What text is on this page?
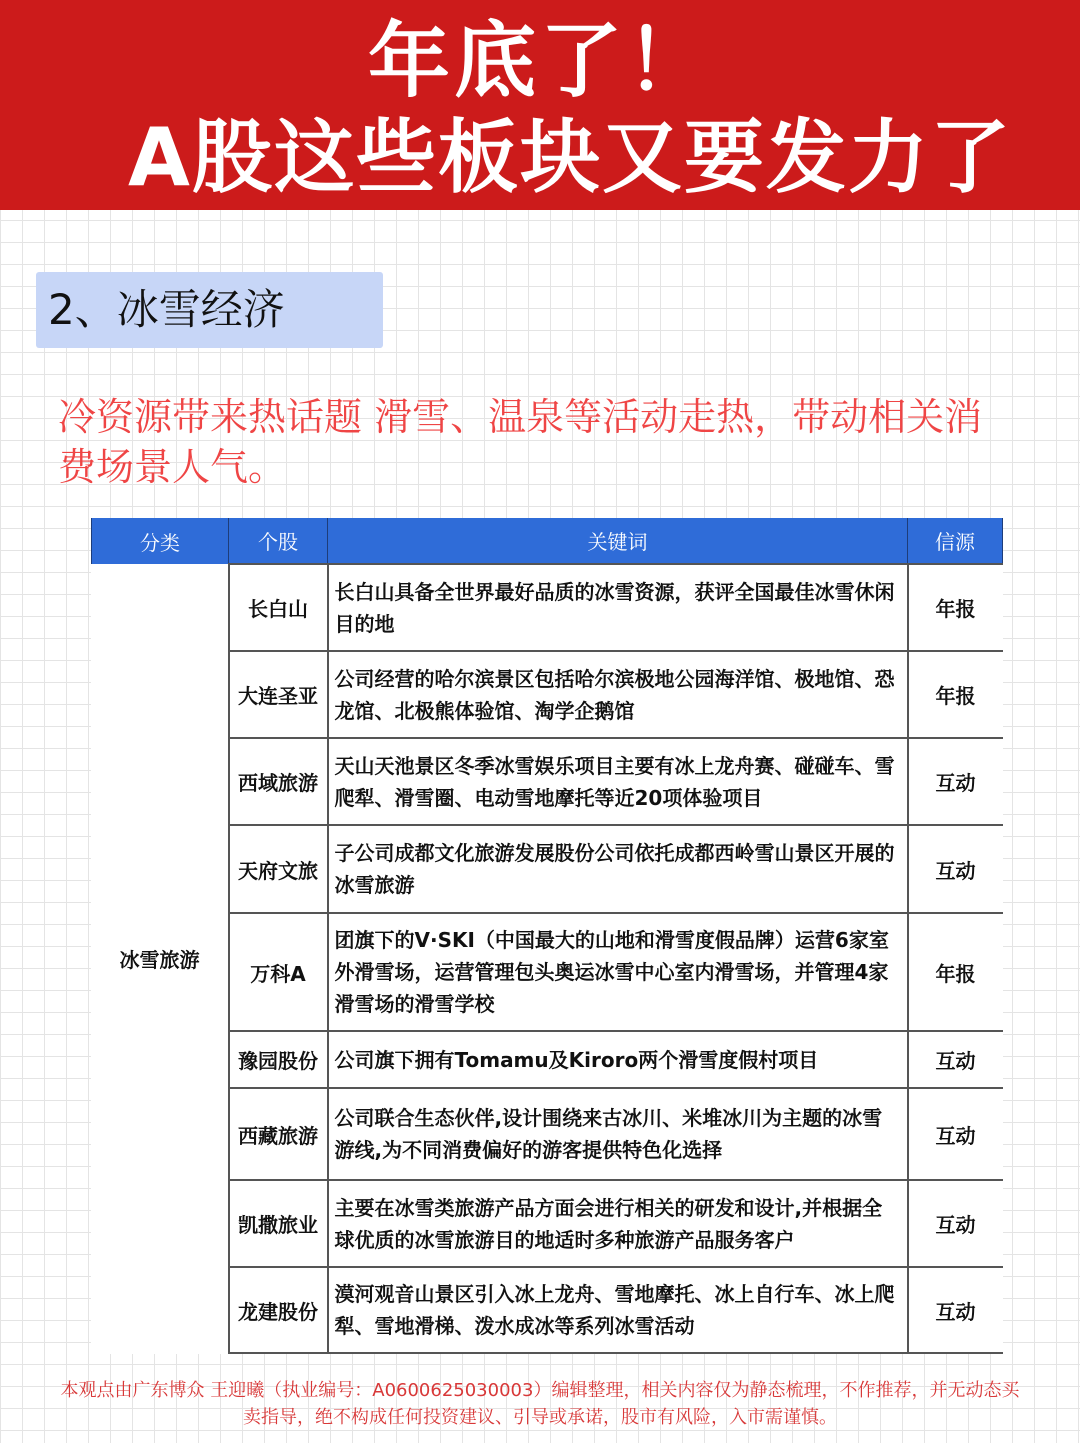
年底了！
A股这些板块又要发力了
2、冰雪经济
冷资源带来热话题 滑雪、温泉等活动走热，带动相关消费场景人气。
分类	个股	关键词	信源
冰雪旅游	长白山	长白山具备全世界最好品质的冰雪资源，获评全国最佳冰雪休闲目的地	年报
	大连圣亚	公司经营的哈尔滨景区包括哈尔滨极地公园海洋馆、极地馆、恐龙馆、北极熊体验馆、淘学企鹅馆	年报
	西域旅游	天山天池景区冬季冰雪娱乐项目主要有冰上龙舟赛、碰碰车、雪爬犁、滑雪圈、电动雪地摩托等近20项体验项目	互动
	天府文旅	子公司成都文化旅游发展股份公司依托成都西岭雪山景区开展的冰雪旅游	互动
	万科A	团旗下的V·SKI（中国最大的山地和滑雪度假品牌）运营6家室外滑雪场，运营管理包头奥运冰雪中心室内滑雪场，并管理4家滑雪场的滑雪学校	年报
	豫园股份	公司旗下拥有Tomamu及Kiroro两个滑雪度假村项目	互动
	西藏旅游	公司联合生态伙伴,设计围绕来古冰川、米堆冰川为主题的冰雪游线,为不同消费偏好的游客提供特色化选择	互动
	凯撒旅业	主要在冰雪类旅游产品方面会进行相关的研发和设计,并根据全球优质的冰雪旅游目的地适时多种旅游产品服务客户	互动
	龙建股份	漠河观音山景区引入冰上龙舟、雪地摩托、冰上自行车、冰上爬犁、雪地滑梯、泼水成冰等系列冰雪活动	互动
本观点由广东博众 王迎曦（执业编号：A0600625030003）编辑整理，相关内容仅为静态梳理，不作推荐，并无动态买卖指导，绝不构成任何投资建议、引导或承诺，股市有风险，入市需谨慎。
